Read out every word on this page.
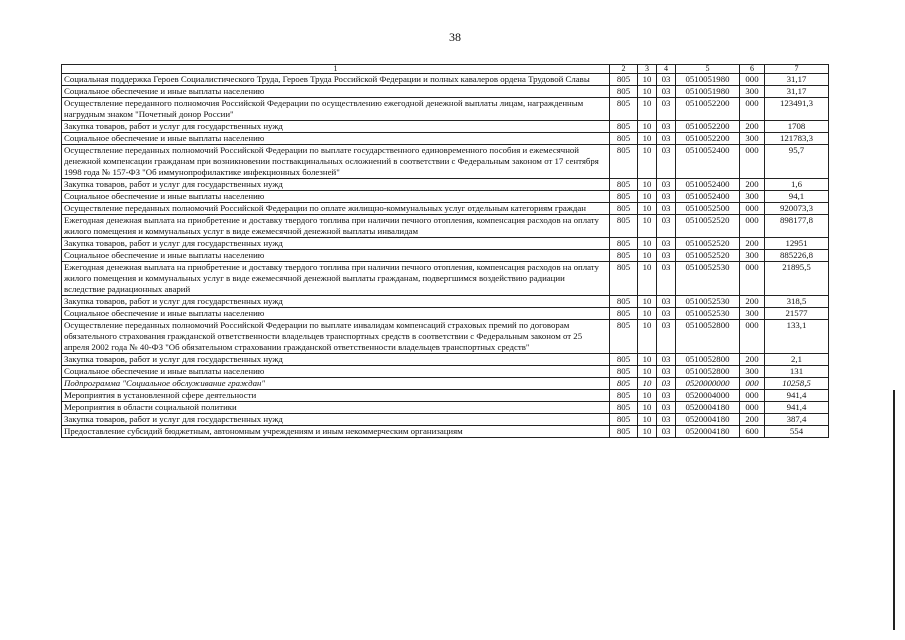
38
1	2	3	4	5	6	7
Социальная поддержка Героев Социалистического Труда, Героев Труда Российской Федерации и полных кавалеров ордена Трудовой Славы	805	10	03	0510051980	000	31,17
Социальное обеспечение и иные выплаты населению	805	10	03	0510051980	300	31,17
Осуществление переданного полномочия Российской Федерации по осуществлению ежегодной денежной выплаты лицам, награжденным нагрудным знаком "Почетный донор России"	805	10	03	0510052200	000	123491,3
Закупка товаров, работ и услуг для государственных нужд	805	10	03	0510052200	200	1708
Социальное обеспечение и иные выплаты населению	805	10	03	0510052200	300	121783,3
Осуществление переданных полномочий Российской Федерации по выплате государственного единовременного пособия и ежемесячной денежной компенсации гражданам при возникновении поствакцинальных осложнений в соответствии с Федеральным законом от 17 сентября 1998 года № 157-ФЗ "Об иммунопрофилактике инфекционных болезней"	805	10	03	0510052400	000	95,7
Закупка товаров, работ и услуг для государственных нужд	805	10	03	0510052400	200	1,6
Социальное обеспечение и иные выплаты населению	805	10	03	0510052400	300	94,1
Осуществление переданных полномочий Российской Федерации по оплате жилищно-коммунальных услуг отдельным категориям граждан	805	10	03	0510052500	000	920073,3
Ежегодная денежная выплата на приобретение и доставку твердого топлива при наличии печного отопления, компенсация расходов на оплату жилого помещения и коммунальных услуг в виде ежемесячной денежной выплаты инвалидам	805	10	03	0510052520	000	898177,8
Закупка товаров, работ и услуг для государственных нужд	805	10	03	0510052520	200	12951
Социальное обеспечение и иные выплаты населению	805	10	03	0510052520	300	885226,8
Ежегодная денежная выплата на приобретение и доставку твердого топлива при наличии печного отопления, компенсация расходов на оплату жилого помещения и коммунальных услуг в виде ежемесячной денежной выплаты гражданам, подвергшимся воздействию радиации вследствие радиационных аварий	805	10	03	0510052530	000	21895,5
Закупка товаров, работ и услуг для государственных нужд	805	10	03	0510052530	200	318,5
Социальное обеспечение и иные выплаты населению	805	10	03	0510052530	300	21577
Осуществление переданных полномочий Российской Федерации по выплате инвалидам компенсаций страховых премий по договорам обязательного страхования гражданской ответственности владельцев транспортных средств в соответствии с Федеральным законом от 25 апреля 2002 года № 40-ФЗ "Об обязательном страховании гражданской ответственности владельцев транспортных средств"	805	10	03	0510052800	000	133,1
Закупка товаров, работ и услуг для государственных нужд	805	10	03	0510052800	200	2,1
Социальное обеспечение и иные выплаты населению	805	10	03	0510052800	300	131
Подпрограмма "Социальное обслуживание граждан"	805	10	03	0520000000	000	10258,5
Мероприятия в установленной сфере деятельности	805	10	03	0520004000	000	941,4
Мероприятия в области социальной политики	805	10	03	0520004180	000	941,4
Закупка товаров, работ и услуг для государственных нужд	805	10	03	0520004180	200	387,4
Предоставление субсидий бюджетным, автономным учреждениям и иным некоммерческим организациям	805	10	03	0520004180	600	554
